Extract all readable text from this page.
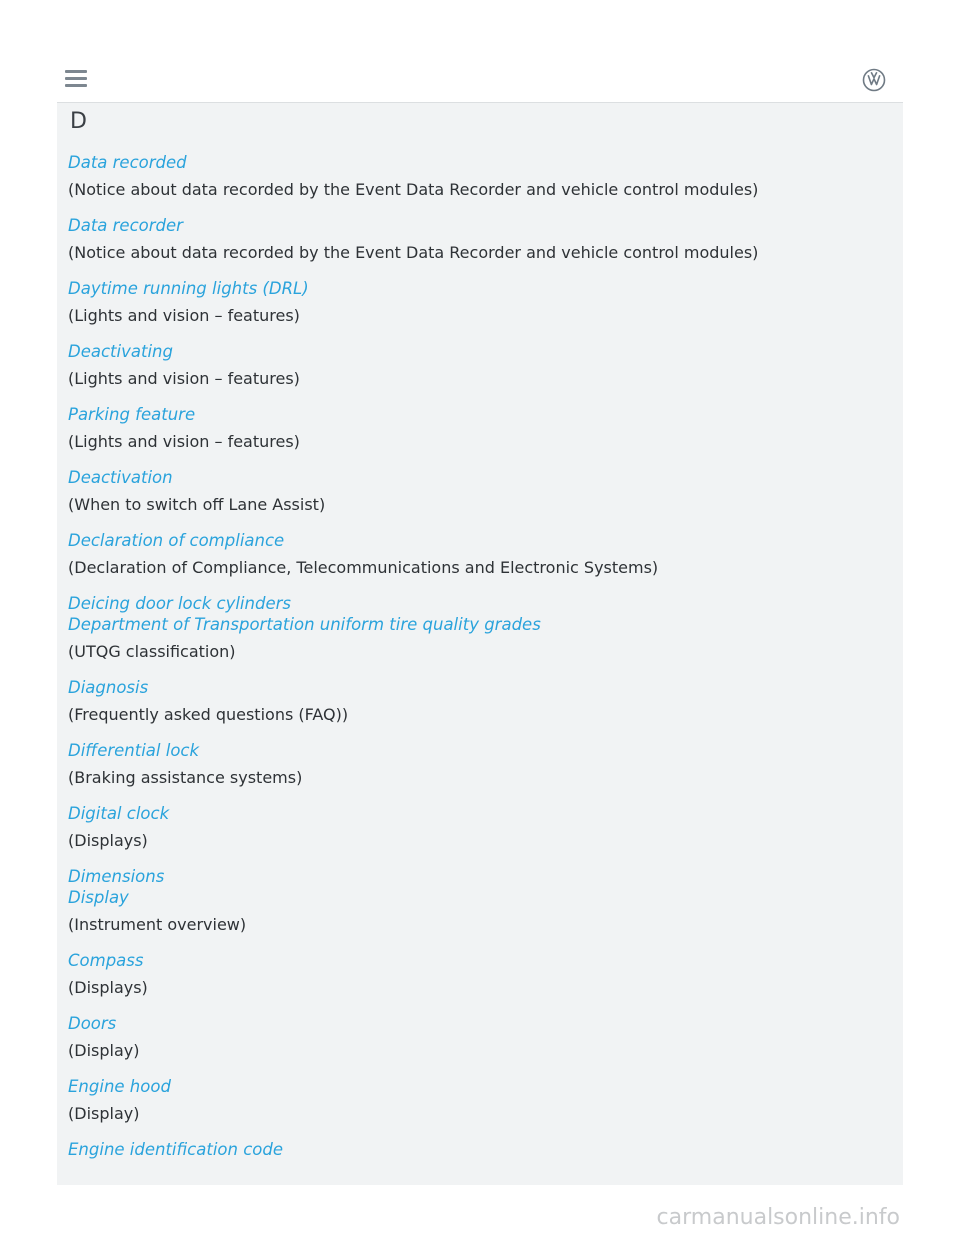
D
Data recorded
(Notice about data recorded by the Event Data Recorder and vehicle control modules)
Data recorder
(Notice about data recorded by the Event Data Recorder and vehicle control modules)
Daytime running lights (DRL)
(Lights and vision – features)
Deactivating
(Lights and vision – features)
Parking feature
(Lights and vision – features)
Deactivation
(When to switch off Lane Assist)
Declaration of compliance
(Declaration of Compliance, Telecommunications and Electronic Systems)
Deicing door lock cylinders
Department of Transportation uniform tire quality grades
(UTQG classification)
Diagnosis
(Frequently asked questions (FAQ))
Differential lock
(Braking assistance systems)
Digital clock
(Displays)
Dimensions
Display
(Instrument overview)
Compass
(Displays)
Doors
(Display)
Engine hood
(Display)
Engine identification code
carmanualsonline.info
